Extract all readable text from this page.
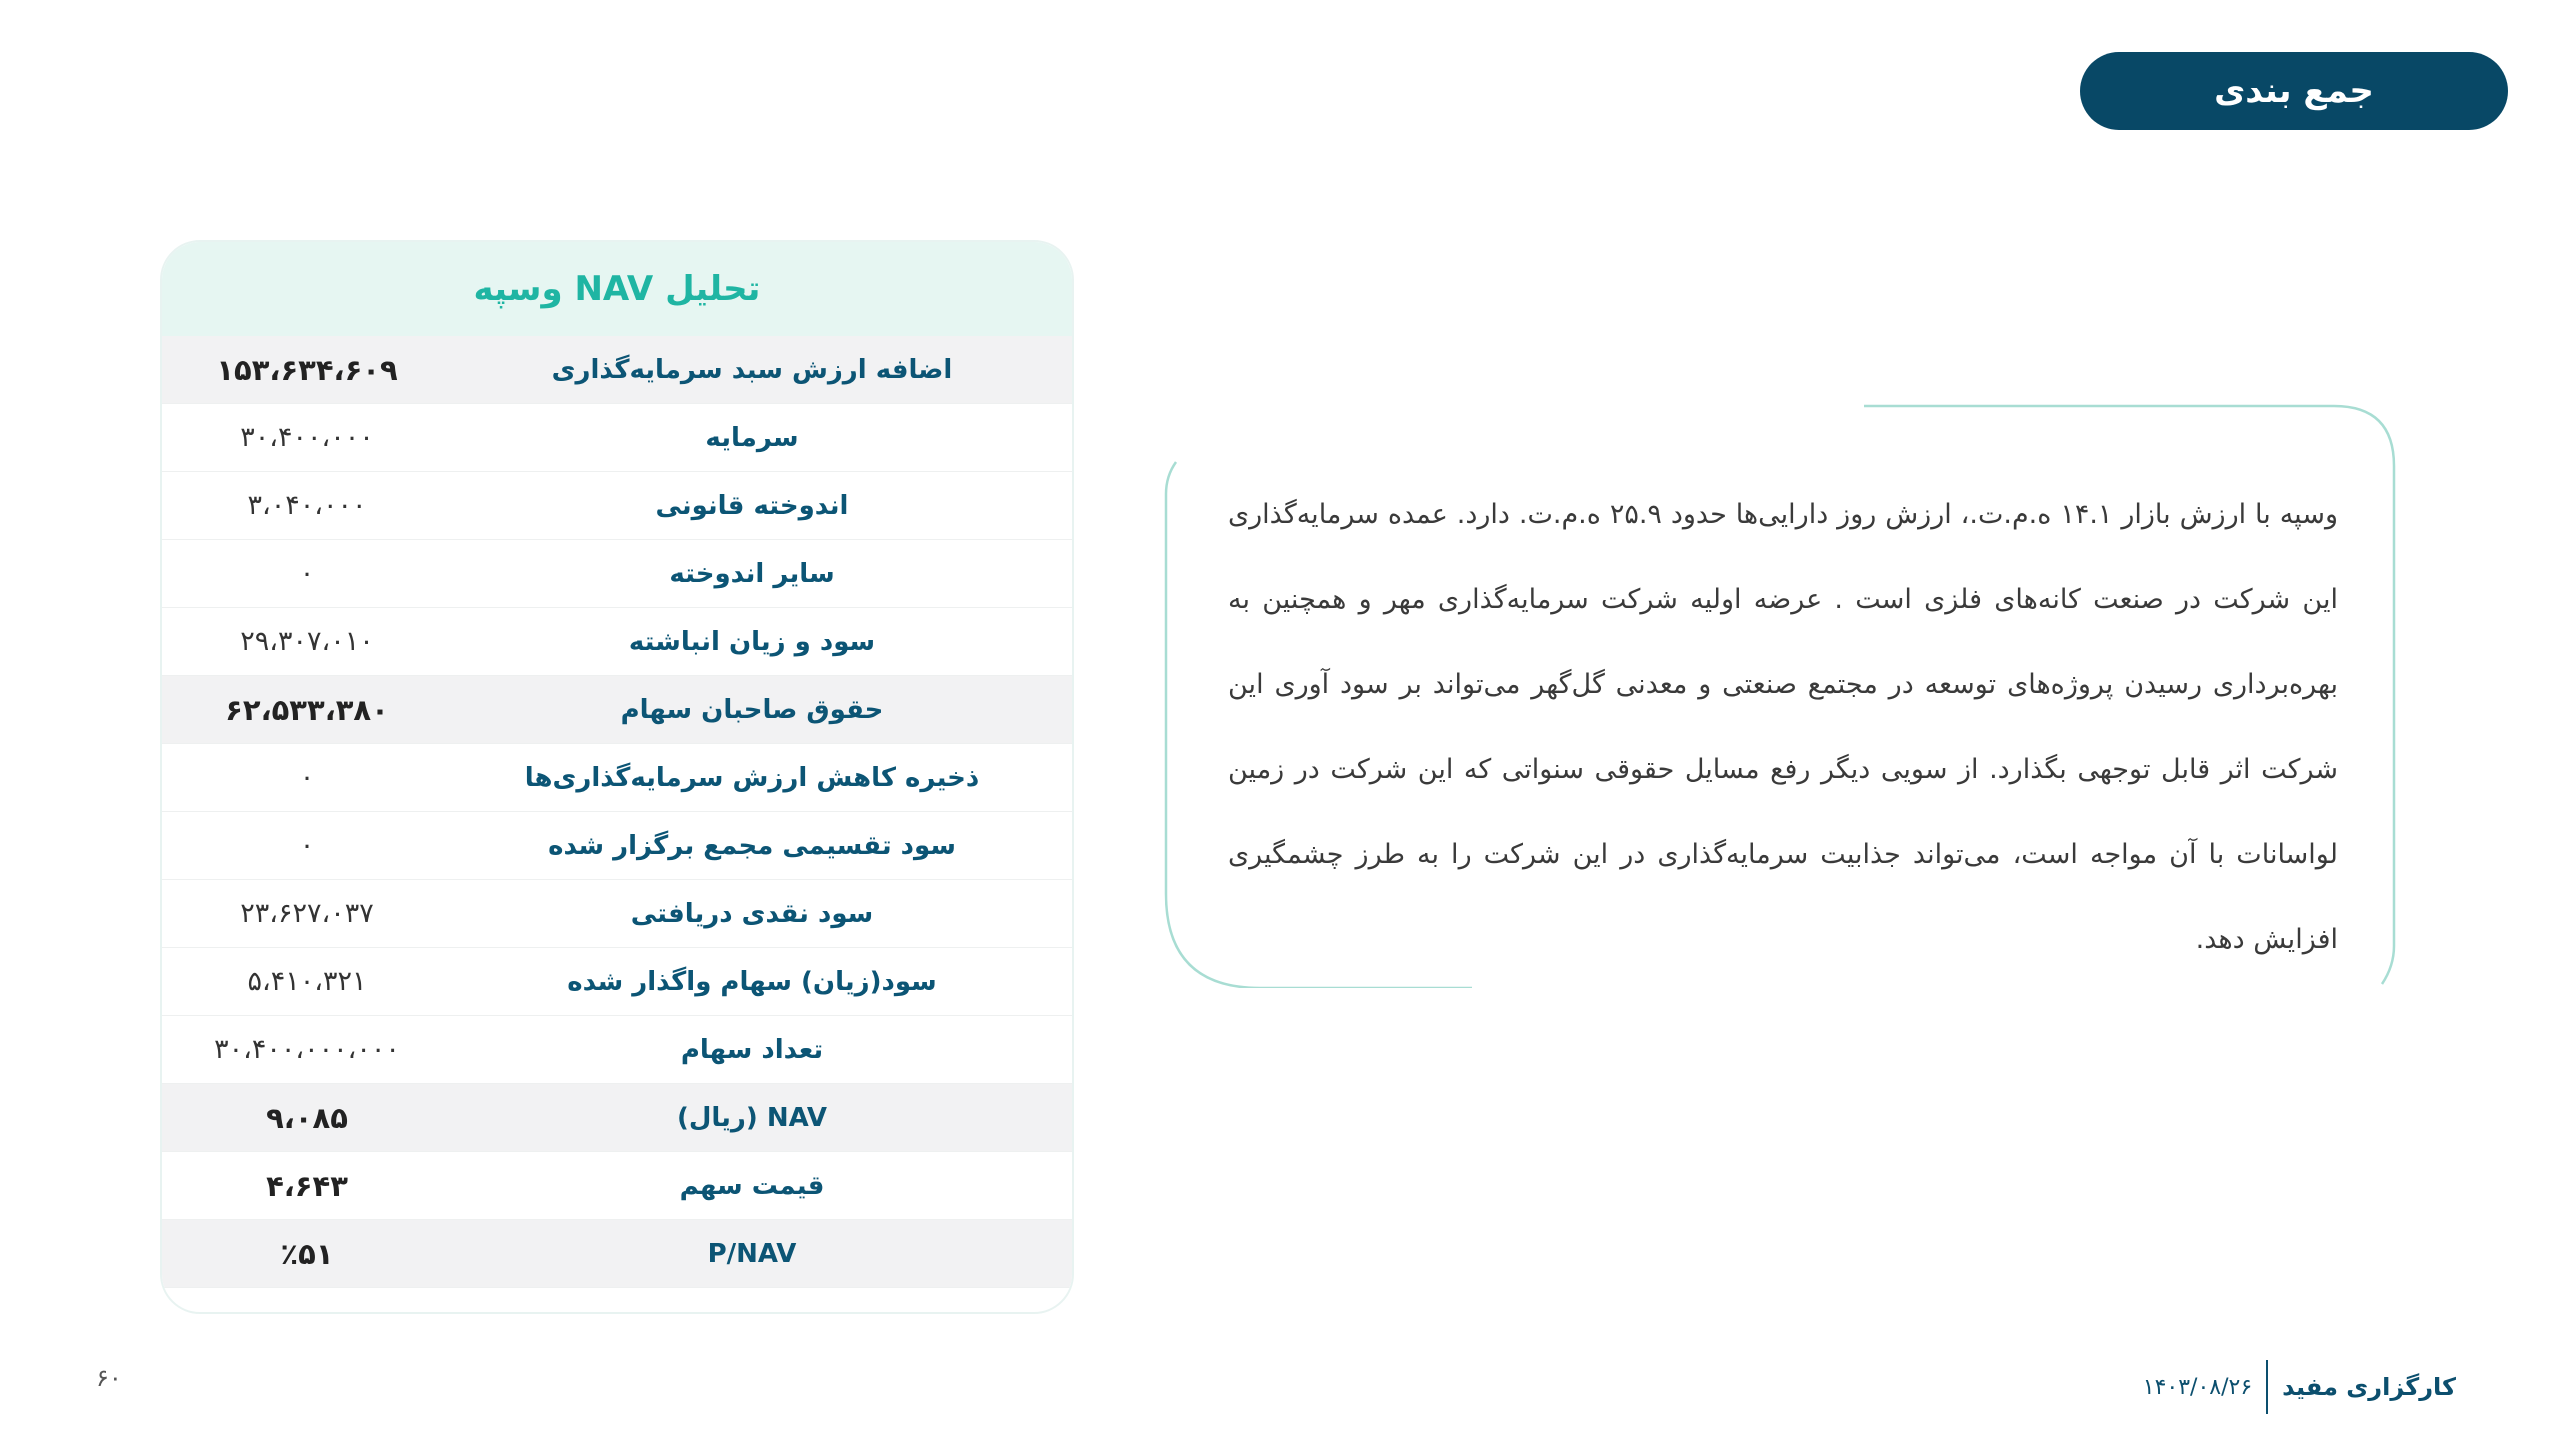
جمع بندی
تحلیل NAV وسپه
۱۵۳،۶۳۴،۶۰۹	اضافه ارزش سبد سرمایه‌گذاری
۳۰،۴۰۰،۰۰۰	سرمایه
۳،۰۴۰،۰۰۰	اندوخته قانونی
۰	سایر اندوخته
۲۹،۳۰۷،۰۱۰	سود و زیان انباشته
۶۲،۵۳۳،۳۸۰	حقوق صاحبان سهام
۰	ذخیره کاهش ارزش سرمایه‌گذاری‌ها
۰	سود تقسیمی مجمع برگزار شده
۲۳،۶۲۷،۰۳۷	سود نقدی دریافتی
۵،۴۱۰،۳۲۱	سود(زیان) سهام واگذار شده
۳۰،۴۰۰،۰۰۰،۰۰۰	تعداد سهام
۹،۰۸۵	NAV (ریال)
۴،۶۴۳	قیمت سهم
٪۵۱	P/NAV
وسپه با ارزش بازار ۱۴.۱ ه.م.ت.، ارزش روز دارایی‌ها حدود ۲۵.۹ ه.م.ت. دارد. عمده سرمایه‌گذاری این شرکت در صنعت کانه‌های فلزی است . عرضه اولیه شرکت سرمایه‌گذاری مهر و همچنین به بهره‌برداری رسیدن پروژه‌های توسعه در مجتمع صنعتی و معدنی گل‌گهر می‌تواند بر سود آوری این شرکت اثر قابل توجهی بگذارد. از سویی دیگر رفع مسایل حقوقی سنواتی که این شرکت در زمین لواسانات با آن مواجه است، می‌تواند جذابیت سرمایه‌گذاری در این شرکت را به طرز چشمگیری افزایش دهد.
۶۰	کارگزاری مفید
۱۴۰۳/۰۸/۲۶
